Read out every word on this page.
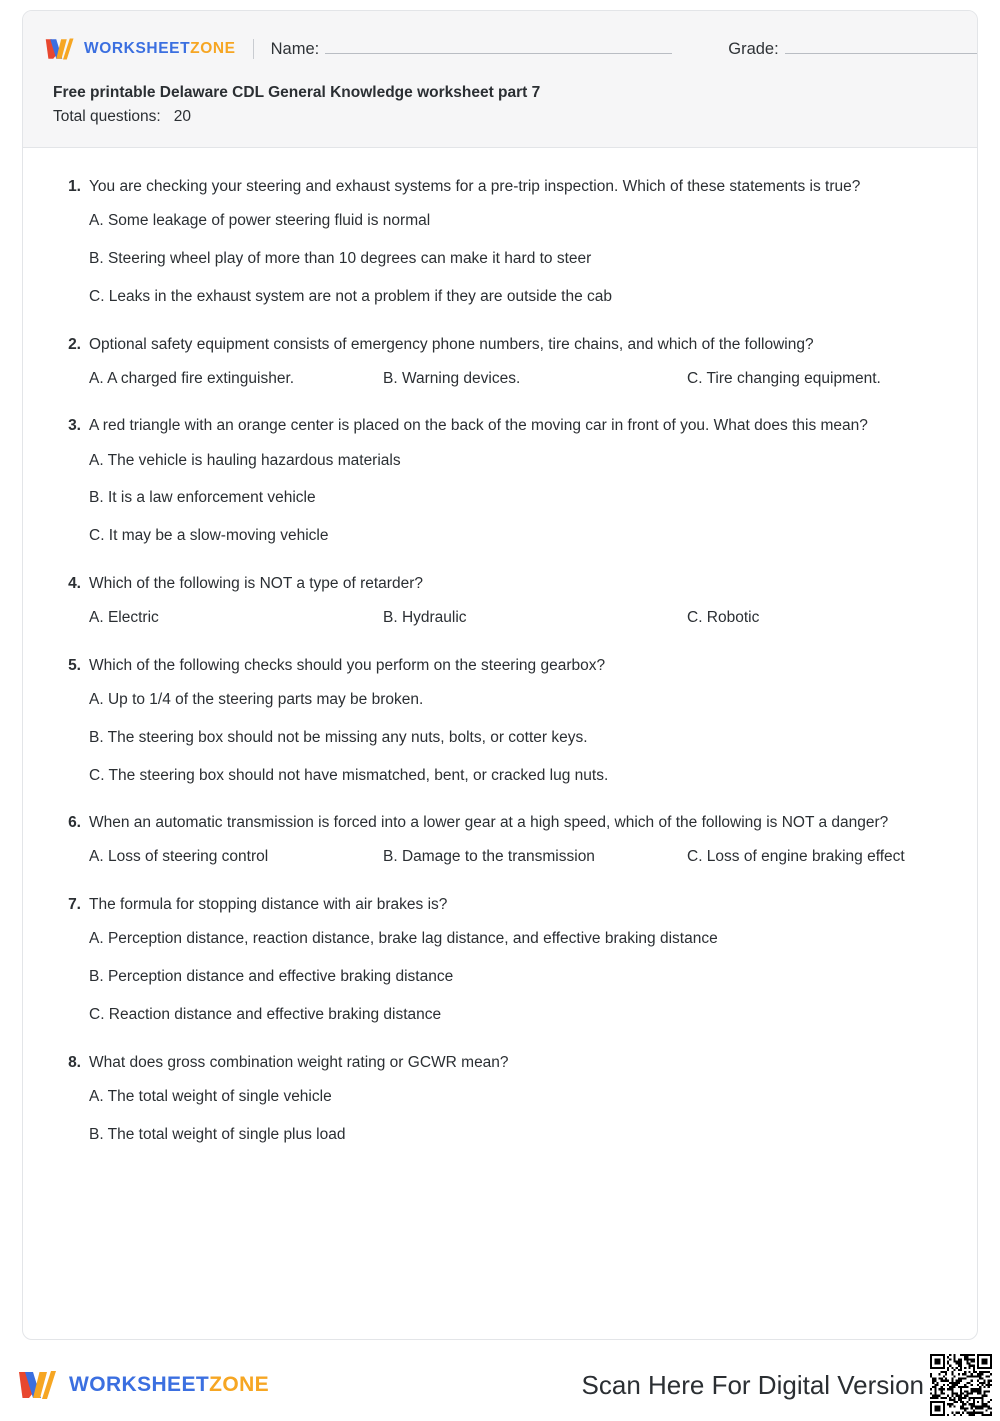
WORKSHEETZONE Name:	Grade:
Free printable Delaware CDL General Knowledge worksheet part 7
Total questions: 20
1. You are checking your steering and exhaust systems for a pre-trip inspection. Which of these statements is true?
A. Some leakage of power steering fluid is normal
B. Steering wheel play of more than 10 degrees can make it hard to steer
C. Leaks in the exhaust system are not a problem if they are outside the cab
2. Optional safety equipment consists of emergency phone numbers, tire chains, and which of the following?
A. A charged fire extinguisher.	B. Warning devices.	C. Tire changing equipment.
3. A red triangle with an orange center is placed on the back of the moving car in front of you. What does this mean?
A. The vehicle is hauling hazardous materials
B. It is a law enforcement vehicle
C. It may be a slow-moving vehicle
4. Which of the following is NOT a type of retarder?
A. Electric	B. Hydraulic	C. Robotic
5. Which of the following checks should you perform on the steering gearbox?
A. Up to 1/4 of the steering parts may be broken.
B. The steering box should not be missing any nuts, bolts, or cotter keys.
C. The steering box should not have mismatched, bent, or cracked lug nuts.
6. When an automatic transmission is forced into a lower gear at a high speed, which of the following is NOT a danger?
A. Loss of steering control	B. Damage to the transmission	C. Loss of engine braking effect
7. The formula for stopping distance with air brakes is?
A. Perception distance, reaction distance, brake lag distance, and effective braking distance
B. Perception distance and effective braking distance
C. Reaction distance and effective braking distance
8. What does gross combination weight rating or GCWR mean?
A. The total weight of single vehicle
B. The total weight of single plus load
WORKSHEETZONE	Scan Here For Digital Version
